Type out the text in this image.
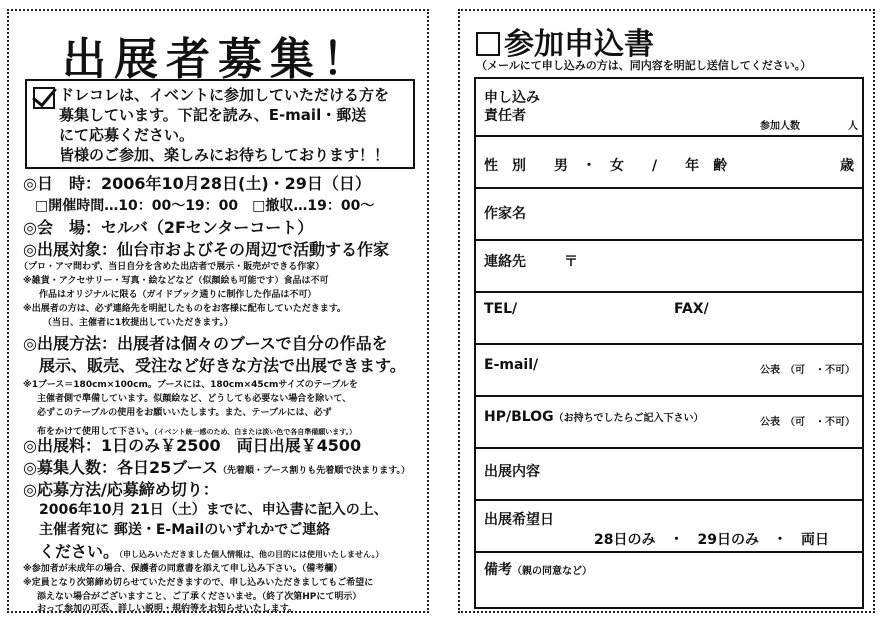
出展者募集！
ドレコレは、イベントに参加していただける方を
募集しています。下記を読み、E-mail・郵送
にて応募ください。
皆様のご参加、楽しみにお待ちしております！！
◎日　時：2006年10月28日(土)・29日（日）
□開催時間…10：00〜19：00　□撤収…19：00〜
◎会　場：セルバ（2Fセンターコート）
◎出展対象：仙台市およびその周辺で活動する作家
（プロ・アマ問わず、当日自分を含めた出店者で展示・販売ができる作家）
※雑貨・アクセサリー・写真・絵などなど（似顔絵も可能です）食品は不可
作品はオリジナルに限る（ガイドブック通りに制作した作品は不可）
※出展者の方は、必ず連絡先を明記したものをお客様に配布していただきます。
（当日、主催者に1枚提出していただきます。）
◎出展方法：出展者は個々のブースで自分の作品を
展示、販売、受注など好きな方法で出展できます。
※1ブース＝180cm×100cm。ブースには、180cm×45cmサイズのテーブルを
主催者側で準備しています。似顔絵など、どうしても必要ない場合を除いて、
必ずこのテーブルの使用をお願いいたします。また、テーブルには、必ず
布をかけて使用して下さい。（イベント統一感のため、白または淡い色で各自準備願います。）
◎出展料：1日のみ￥2500　両日出展￥4500
◎募集人数：各日25ブース（先着順・ブース割りも先着順で決まります。）
◎応募方法/応募締め切り：
2006年10月 21日（土）までに、申込書に記入の上、
主催者宛に 郵送・E-Mailのいずれかでご連絡
ください。（申し込みいただきました個人情報は、他の目的には使用いたしません。）
※参加者が未成年の場合、保護者の同意書を添えて申し込み下さい。（備考欄）
※定員となり次第締め切らせていただきますので、申し込みいただきましてもご希望に
添えない場合がございますこと、ご了承くださいませ。（終了次第HPにて明示）
おって参加の可否、詳しい説明・規約等をお知らせいたします。
参加申込書
（メールにて申し込みの方は、同内容を明記し送信してください。）
申し込み
責任者
参加人数	人
性　別　　男　・　女　　/　　年　齢	歳
作家名
連絡先	〒
TEL/	FAX/
E-mail/	公表　（可　・不可）
HP/BLOG（お持ちでしたらご記入下さい）	公表　（可　・不可）
出展内容
出展希望日
28日のみ　・　29日のみ　・　両日
備考（親の同意など）
